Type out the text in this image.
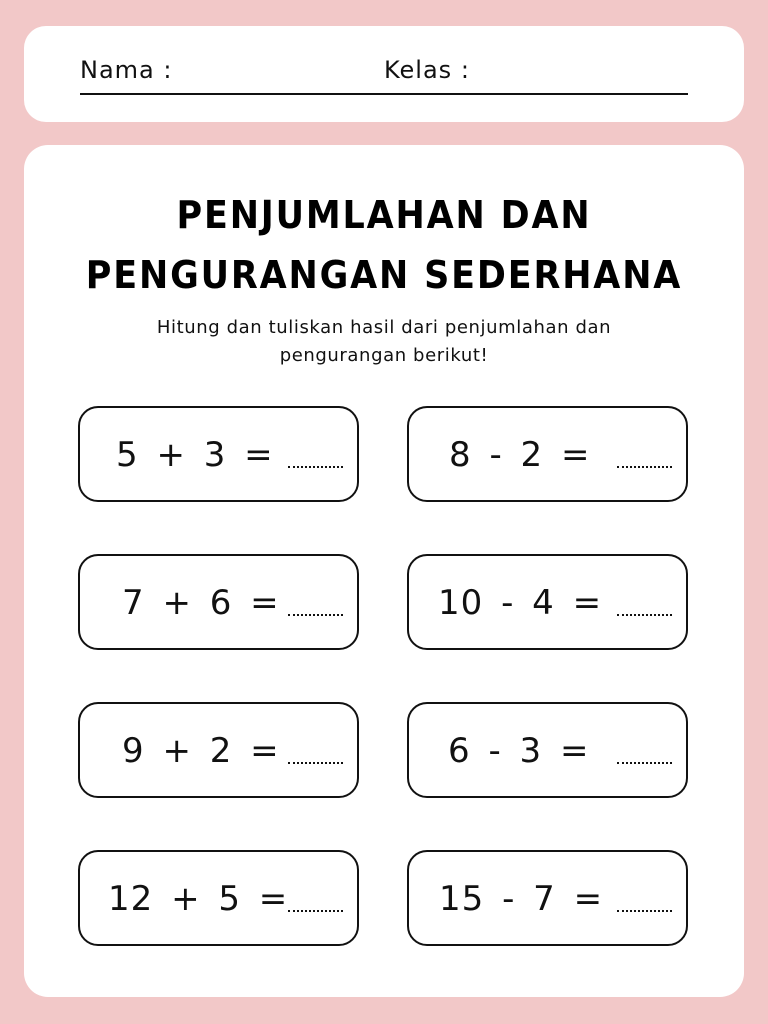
Nama :	Kelas :
PENJUMLAHAN DAN
PENGURANGAN SEDERHANA
Hitung dan tuliskan hasil dari penjumlahan dan
pengurangan berikut!
5 + 3 =	8 - 2 =
7 + 6 =	10 - 4 =
9 + 2 =	6 - 3 =
12 + 5 =	15 - 7 =
